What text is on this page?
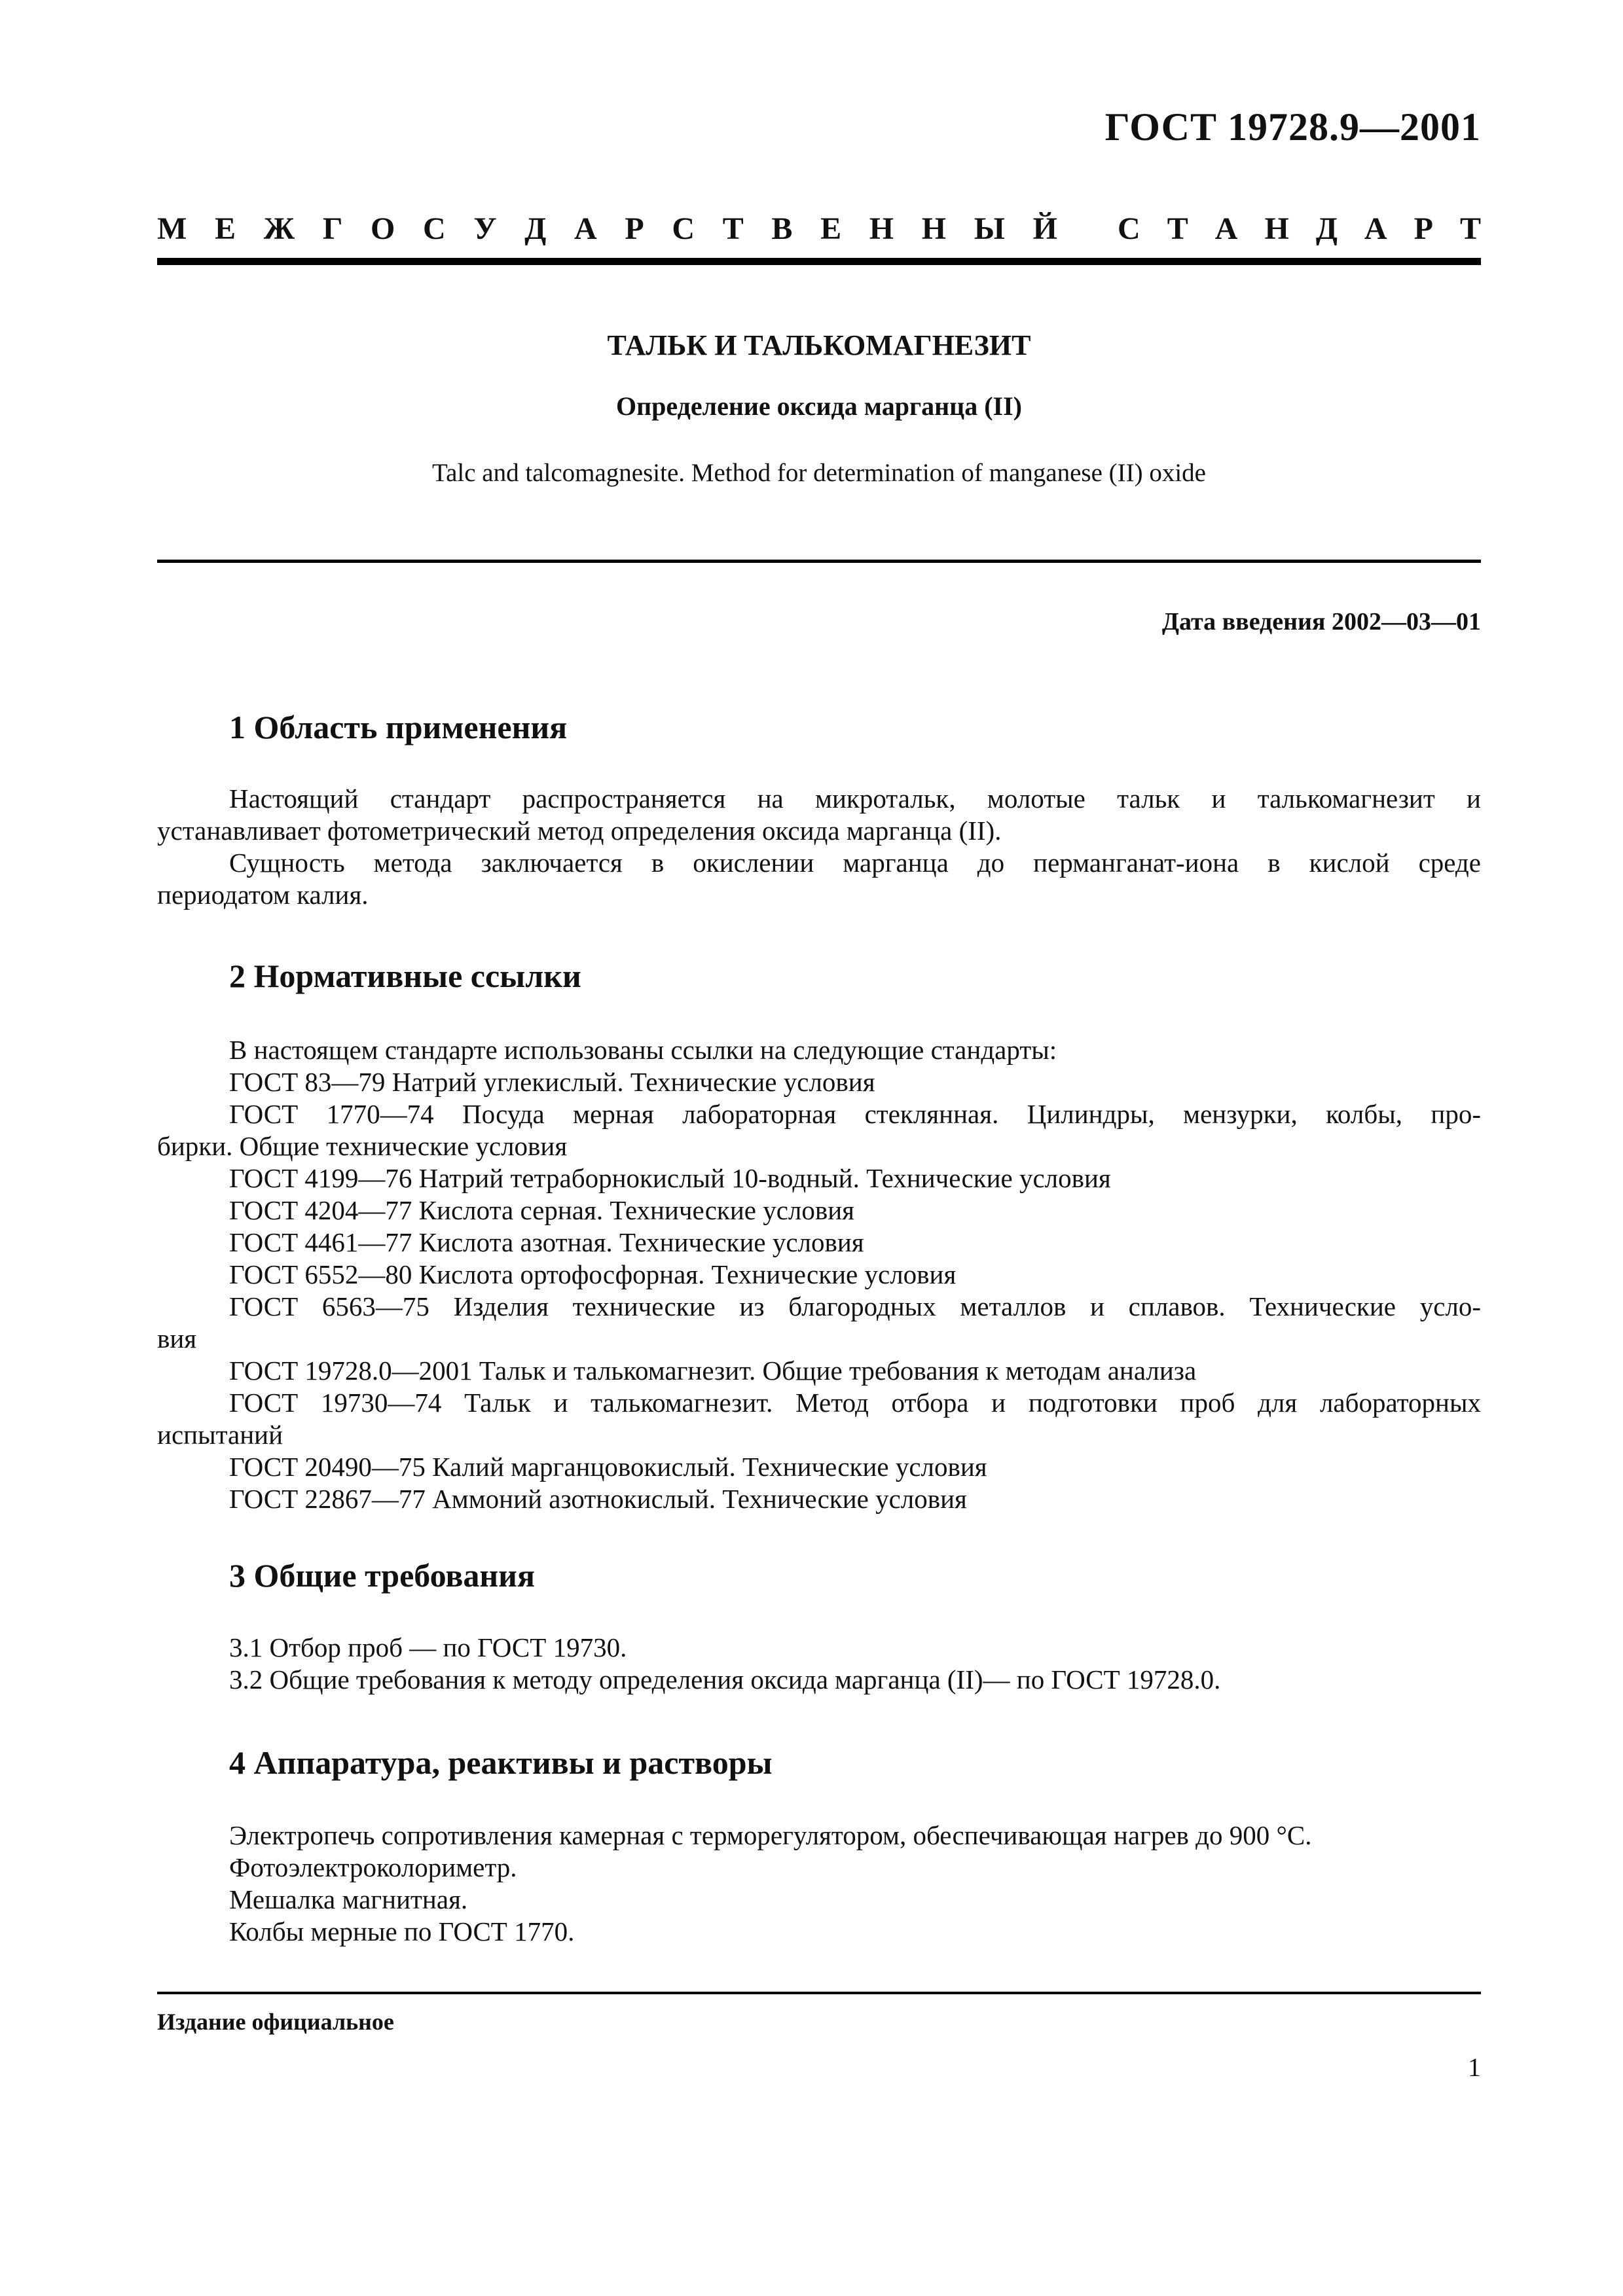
ГОСТ 19728.9—2001
М Е Ж Г О С У Д А Р С Т В Е Н Н Ы Й С Т А Н Д А Р Т
ТАЛЬК И ТАЛЬКОМАГНЕЗИТ
Определение оксида марганца (II)
Talc and talcomagnesite. Method for determination of manganese (II) oxide
Дата введения 2002—03—01
1 Область применения
Настоящий стандарт распространяется на микротальк, молотые тальк и талькомагнезит и
устанавливает фотометрический метод определения оксида марганца (II).
Сущность метода заключается в окислении марганца до перманганат-иона в кислой среде
периодатом калия.
2 Нормативные ссылки
В настоящем стандарте использованы ссылки на следующие стандарты:
ГОСТ 83—79 Натрий углекислый. Технические условия
ГОСТ 1770—74 Посуда мерная лабораторная стеклянная. Цилиндры, мензурки, колбы, про-
бирки. Общие технические условия
ГОСТ 4199—76 Натрий тетраборнокислый 10-водный. Технические условия
ГОСТ 4204—77 Кислота серная. Технические условия
ГОСТ 4461—77 Кислота азотная. Технические условия
ГОСТ 6552—80 Кислота ортофосфорная. Технические условия
ГОСТ 6563—75 Изделия технические из благородных металлов и сплавов. Технические усло-
вия
ГОСТ 19728.0—2001 Тальк и талькомагнезит. Общие требования к методам анализа
ГОСТ 19730—74 Тальк и талькомагнезит. Метод отбора и подготовки проб для лабораторных
испытаний
ГОСТ 20490—75 Калий марганцовокислый. Технические условия
ГОСТ 22867—77 Аммоний азотнокислый. Технические условия
3 Общие требования
3.1 Отбор проб — по ГОСТ 19730.
3.2 Общие требования к методу определения оксида марганца (II)— по ГОСТ 19728.0.
4 Аппаратура, реактивы и растворы
Электропечь сопротивления камерная с терморегулятором, обеспечивающая нагрев до 900 °С.
Фотоэлектроколориметр.
Мешалка магнитная.
Колбы мерные по ГОСТ 1770.
Издание официальное
1
